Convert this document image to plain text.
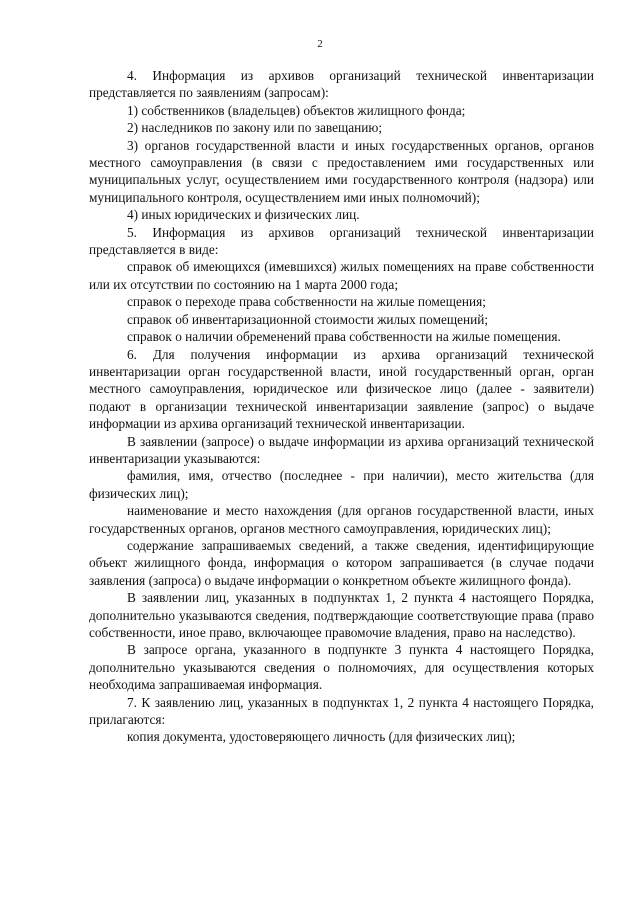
2

4. Информация из архивов организаций технической инвентаризации представляется по заявлениям (запросам):

1) собственников (владельцев) объектов жилищного фонда;

2) наследников по закону или по завещанию;

3) органов государственной власти и иных государственных органов, органов местного самоуправления (в связи с предоставлением ими государственных или муниципальных услуг, осуществлением ими государственного контроля (надзора) или муниципального контроля, осуществлением ими иных полномочий);

4) иных юридических и физических лиц.

5. Информация из архивов организаций технической инвентаризации представляется в виде:

справок об имеющихся (имевшихся) жилых помещениях на праве собственности или их отсутствии по состоянию на 1 марта 2000 года;

справок о переходе права собственности на жилые помещения;

справок об инвентаризационной стоимости жилых помещений;

справок о наличии обременений права собственности на жилые помещения.

6. Для получения информации из архива организаций технической инвентаризации орган государственной власти, иной государственный орган, орган местного самоуправления, юридическое или физическое лицо (далее - заявители) подают в организации технической инвентаризации заявление (запрос) о выдаче информации из архива организаций технической инвентаризации.

В заявлении (запросе) о выдаче информации из архива организаций технической инвентаризации указываются:

фамилия, имя, отчество (последнее - при наличии), место жительства (для физических лиц);

наименование и место нахождения (для органов государственной власти, иных государственных органов, органов местного самоуправления, юридических лиц);

содержание запрашиваемых сведений, а также сведения, идентифицирующие объект жилищного фонда, информация о котором запрашивается (в случае подачи заявления (запроса) о выдаче информации о конкретном объекте жилищного фонда).

В заявлении лиц, указанных в подпунктах 1, 2 пункта 4 настоящего Порядка, дополнительно указываются сведения, подтверждающие соответствующие права (право собственности, иное право, включающее правомочие владения, право на наследство).

В запросе органа, указанного в подпункте 3 пункта 4 настоящего Порядка, дополнительно указываются сведения о полномочиях, для осуществления которых необходима запрашиваемая информация.

7. К заявлению лиц, указанных в подпунктах 1, 2 пункта 4 настоящего Порядка, прилагаются:

копия документа, удостоверяющего личность (для физических лиц);
